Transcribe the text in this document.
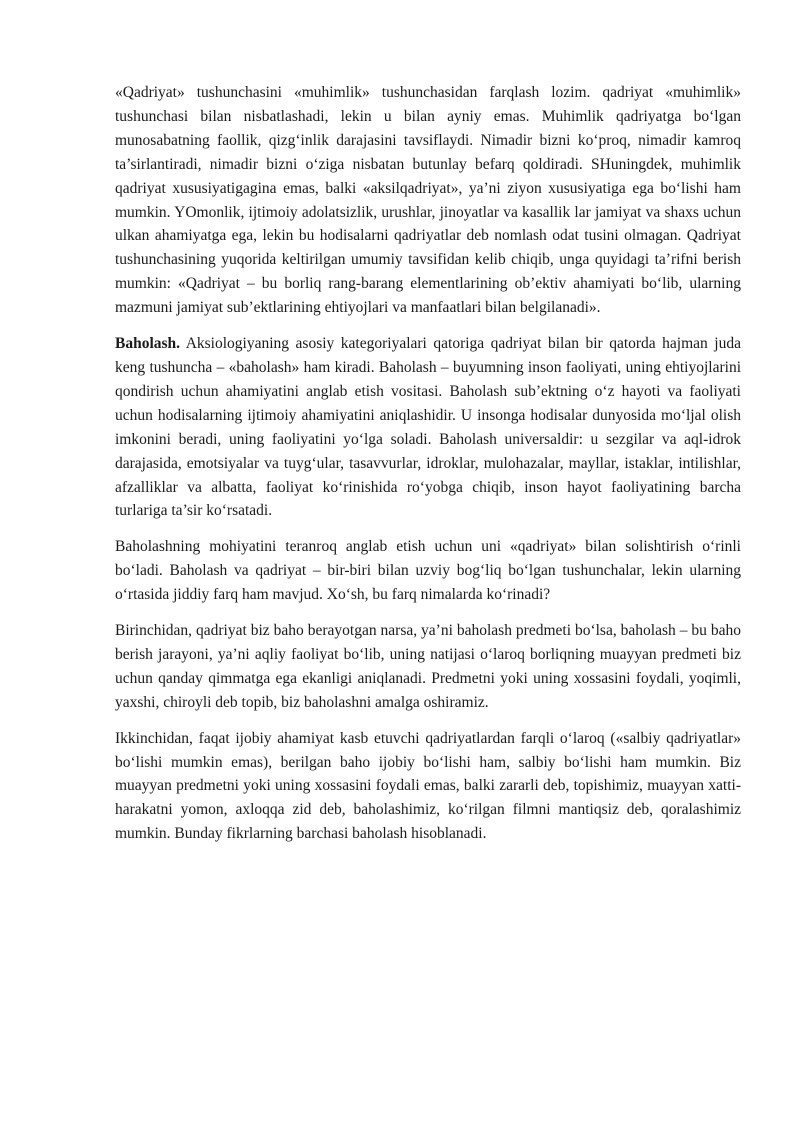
«Qadriyat» tushunchasini «muhimlik» tushunchasidan farqlash lozim. qadriyat «muhimlik» tushunchasi bilan nisbatlashadi, lekin u bilan ayniy emas. Muhimlik qadriyatga bo‘lgan munosabatning faollik, qizg‘inlik darajasini tavsiflaydi. Nimadir bizni ko‘proq, nimadir kamroq ta’sirlantiradi, nimadir bizni o‘ziga nisbatan butunlay befarq qoldiradi. SHuningdek, muhimlik qadriyat xususiyatigagina emas, balki «aksilqadriyat», ya’ni ziyon xususiyatiga ega bo‘lishi ham mumkin. YOmonlik, ijtimoiy adolatsizlik, urushlar, jinoyatlar va kasallik lar jamiyat va shaxs uchun ulkan ahamiyatga ega, lekin bu hodisalarni qadriyatlar deb nomlash odat tusini olmagan. Qadriyat tushunchasining yuqorida keltirilgan umumiy tavsifidan kelib chiqib, unga quyidagi ta’rifni berish mumkin: «Qadriyat – bu borliq rang-barang elementlarining ob’ektiv ahamiyati bo‘lib, ularning mazmuni jamiyat sub’ektlarining ehtiyojlari va manfaatlari bilan belgilanadi».

Baholash. Aksiologiyaning asosiy kategoriyalari qatoriga qadriyat bilan bir qatorda hajman juda keng tushuncha – «baholash» ham kiradi. Baholash – buyumning inson faoliyati, uning ehtiyojlarini qondirish uchun ahamiyatini anglab etish vositasi. Baholash sub’ektning o‘z hayoti va faoliyati uchun hodisalarning ijtimoiy ahamiyatini aniqlashidir. U insonga hodisalar dunyosida mo‘ljal olish imkonini beradi, uning faoliyatini yo‘lga soladi. Baholash universaldir: u sezgilar va aql-idrok darajasida, emotsiyalar va tuyg‘ular, tasavvurlar, idroklar, mulohazalar, mayllar, istaklar, intilishlar, afzalliklar va albatta, faoliyat ko‘rinishida ro‘yobga chiqib, inson hayot faoliyatining barcha turlariga ta’sir ko‘rsatadi.

Baholashning mohiyatini teranroq anglab etish uchun uni «qadriyat» bilan solishtirish o‘rinli bo‘ladi. Baholash va qadriyat – bir-biri bilan uzviy bog‘liq bo‘lgan tushunchalar, lekin ularning o‘rtasida jiddiy farq ham mavjud. Xo‘sh, bu farq nimalarda ko‘rinadi?

Birinchidan, qadriyat biz baho berayotgan narsa, ya’ni baholash predmeti bo‘lsa, baholash – bu baho berish jarayoni, ya’ni aqliy faoliyat bo‘lib, uning natijasi o‘laroq borliqning muayyan predmeti biz uchun qanday qimmatga ega ekanligi aniqlanadi. Predmetni yoki uning xossasini foydali, yoqimli, yaxshi, chiroyli deb topib, biz baholashni amalga oshiramiz.

Ikkinchidan, faqat ijobiy ahamiyat kasb etuvchi qadriyatlardan farqli o‘laroq («salbiy qadriyatlar» bo‘lishi mumkin emas), berilgan baho ijobiy bo‘lishi ham, salbiy bo‘lishi ham mumkin. Biz muayyan predmetni yoki uning xossasini foydali emas, balki zararli deb, topishimiz, muayyan xatti-harakatni yomon, axloqqa zid deb, baholashimiz, ko‘rilgan filmni mantiqsiz deb, qoralashimiz mumkin. Bunday fikrlarning barchasi baholash hisoblanadi.
